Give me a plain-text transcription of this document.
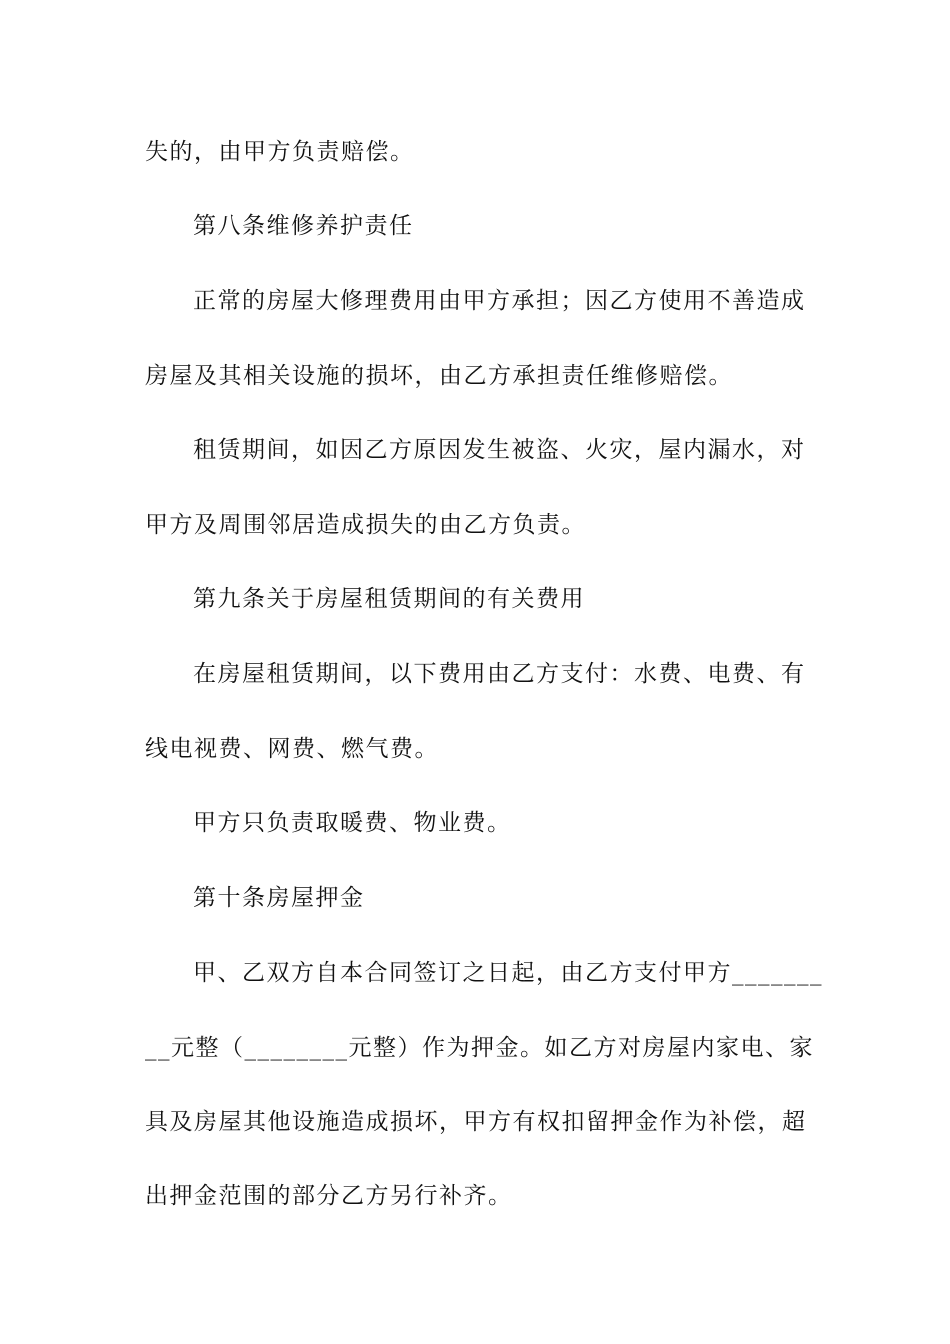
失的，由甲方负责赔偿。
第八条维修养护责任
正常的房屋大修理费用由甲方承担；因乙方使用不善造成
房屋及其相关设施的损坏，由乙方承担责任维修赔偿。
租赁期间，如因乙方原因发生被盗、火灾，屋内漏水，对
甲方及周围邻居造成损失的由乙方负责。
第九条关于房屋租赁期间的有关费用
在房屋租赁期间，以下费用由乙方支付：水费、电费、有
线电视费、网费、燃气费。
甲方只负责取暖费、物业费。
第十条房屋押金
甲、乙双方自本合同签订之日起，由乙方支付甲方_______
__元整（________元整）作为押金。如乙方对房屋内家电、家
具及房屋其他设施造成损坏，甲方有权扣留押金作为补偿，超
出押金范围的部分乙方另行补齐。
